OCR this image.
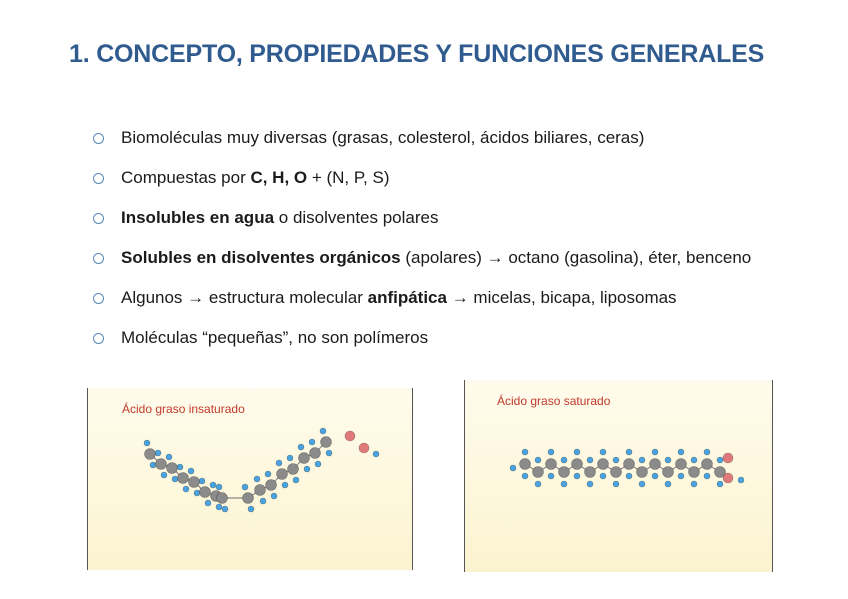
1. CONCEPTO, PROPIEDADES Y FUNCIONES GENERALES
Biomoléculas muy diversas (grasas, colesterol, ácidos biliares, ceras)
Compuestas por C, H, O + (N, P, S)
Insolubles en agua o disolventes polares
Solubles en disolventes orgánicos (apolares) → octano (gasolina), éter, benceno
Algunos → estructura molecular anfipática → micelas, bicapa, liposomas
Moléculas “pequeñas”, no son polímeros
Ácido graso insaturado
Ácido graso saturado
